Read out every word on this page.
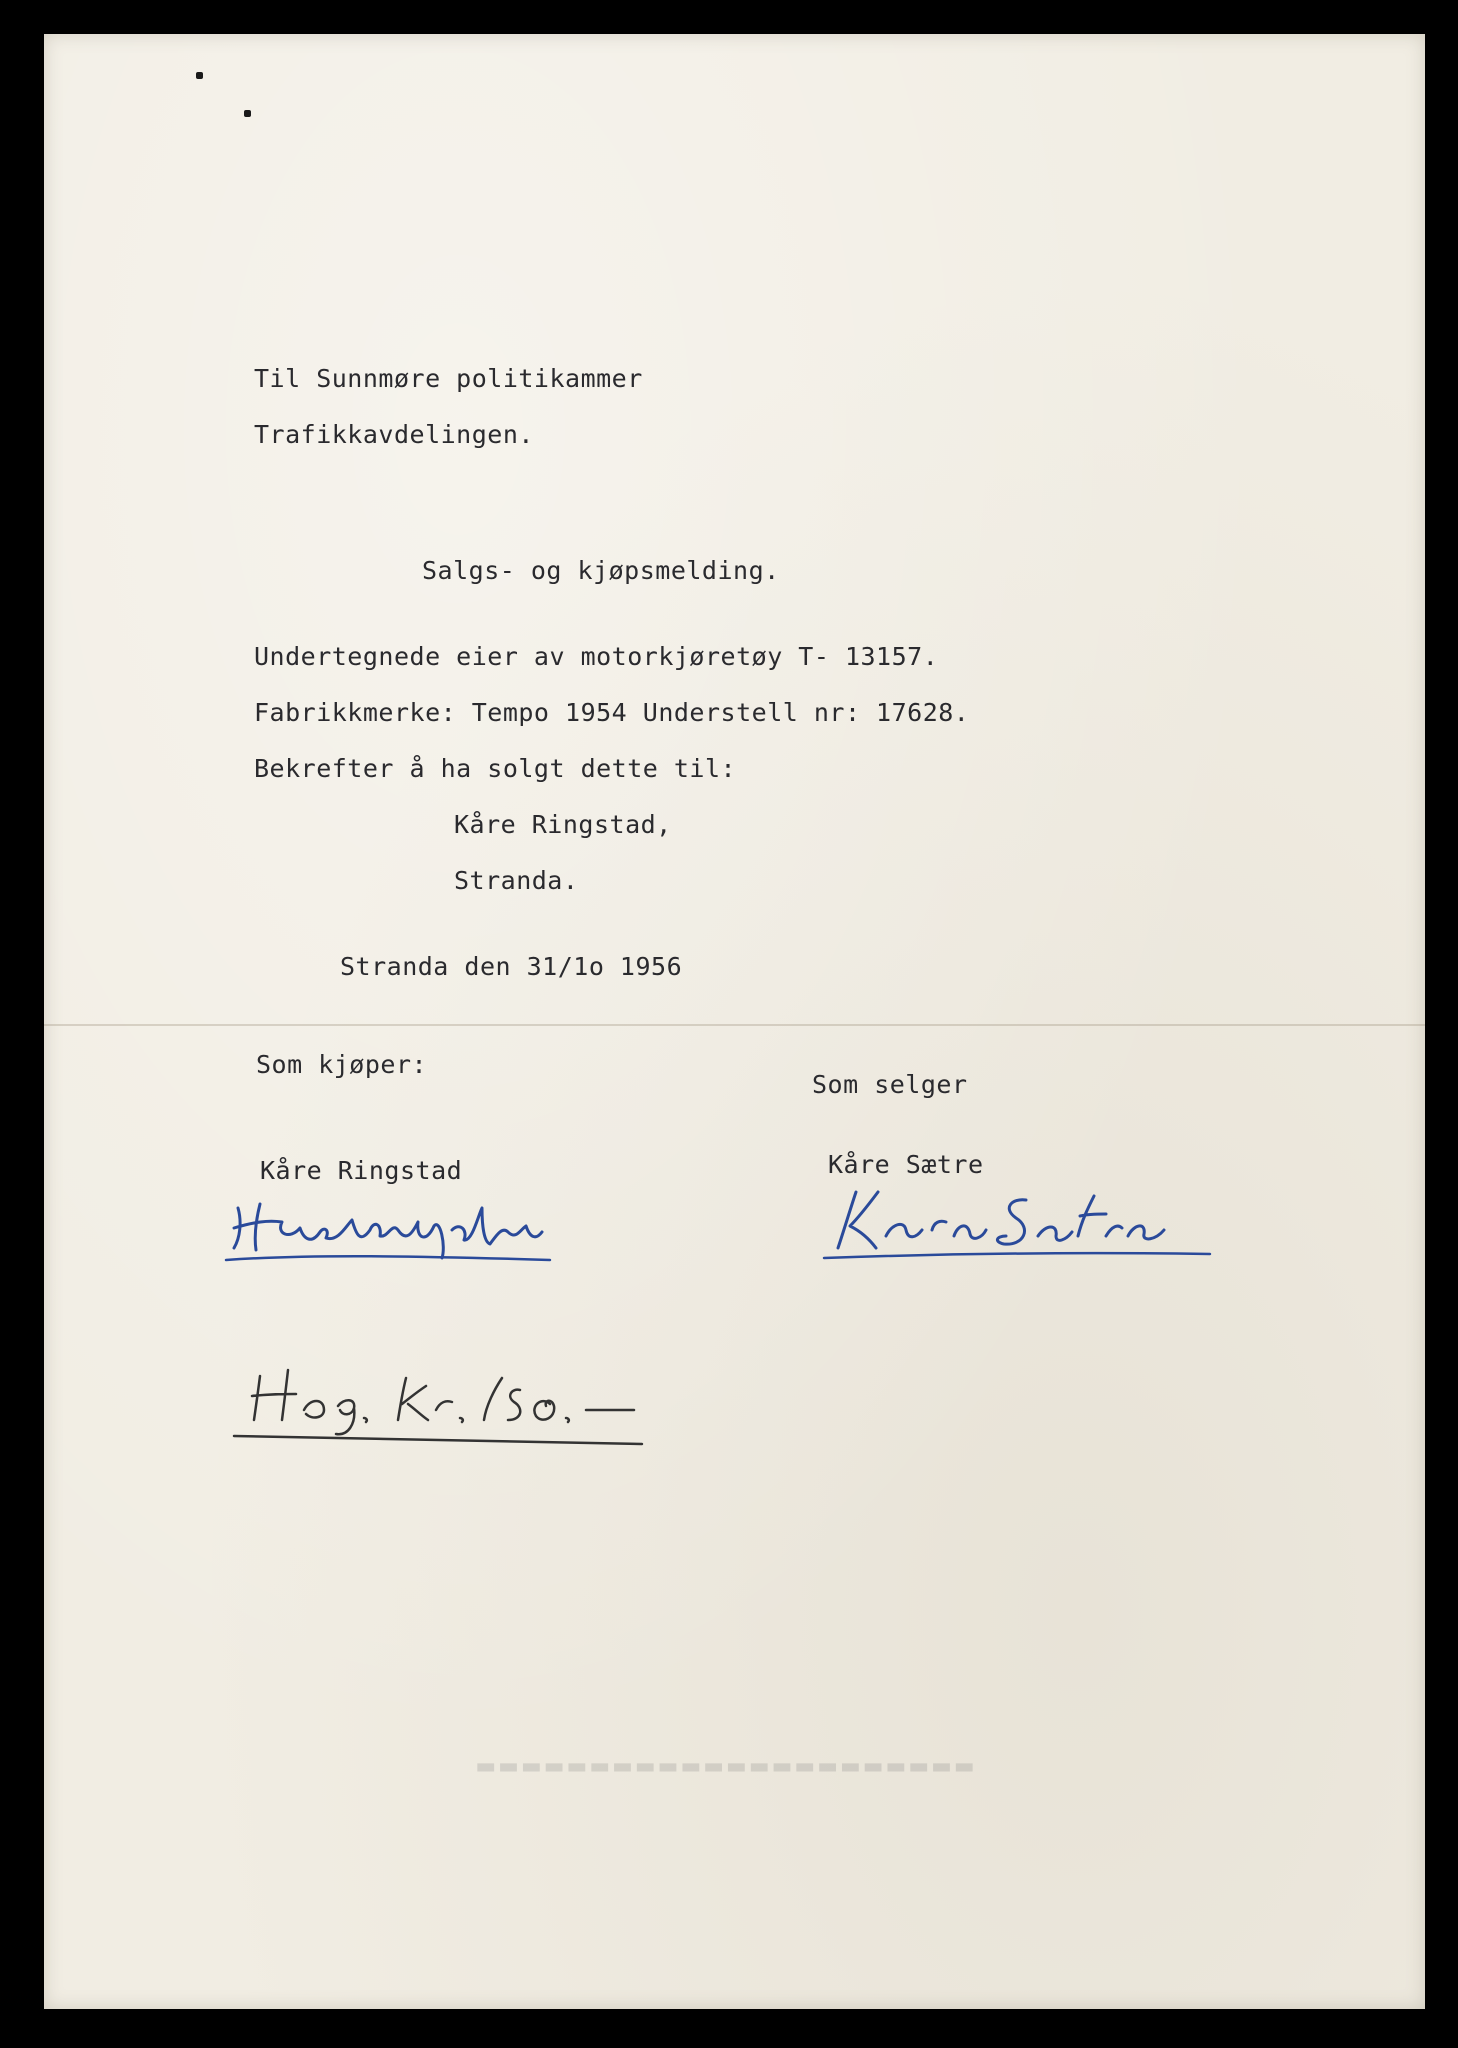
Til Sunnmøre politikammer
Trafikkavdelingen.
Salgs- og kjøpsmelding.
Undertegnede eier av motorkjøretøy T- 13157.
Fabrikkmerke: Tempo 1954 Understell nr: 17628.
Bekrefter å ha solgt dette til:
Kåre Ringstad,
Stranda.
Stranda den 31/1o 1956
Som kjøper:
Som selger
Kåre Ringstad	Kåre Sætre
▬▬▬▬▬▬▬▬▬▬▬▬▬▬▬▬▬▬▬▬▬▬
